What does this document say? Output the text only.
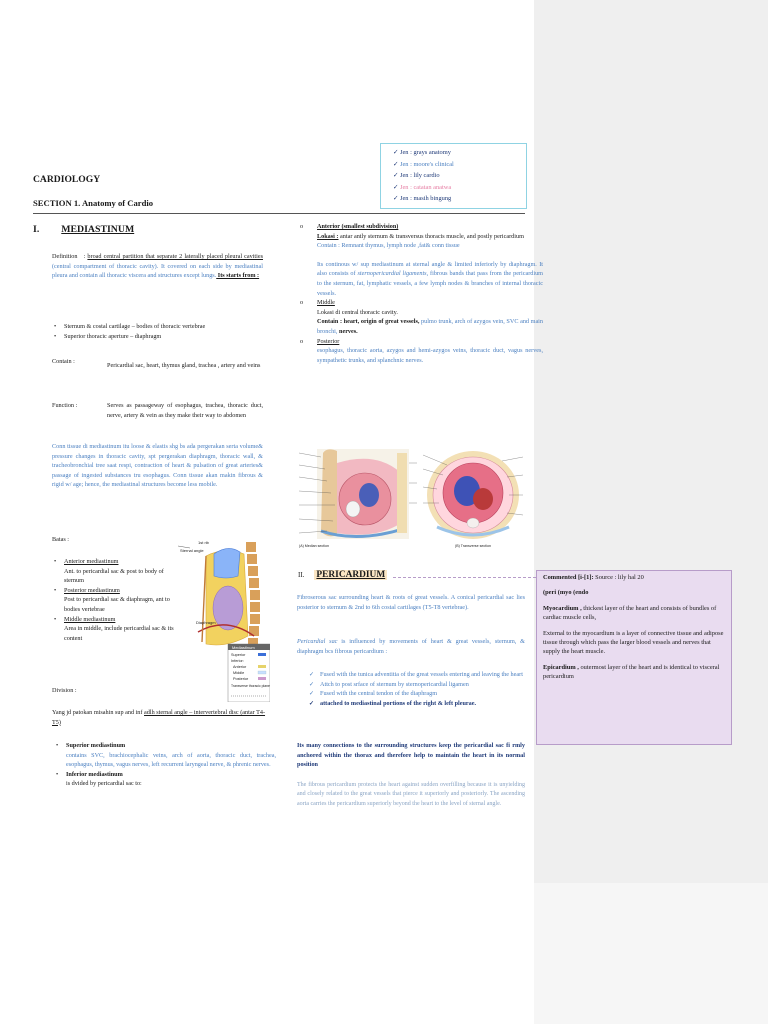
✓ Jen : grays anatomy
✓ Jen : moore's clinical
✓ Jen : lily cardio
✓ Jen : catatan anatwa
✓ Jen : masih bingung
CARDIOLOGY
SECTION 1. Anatomy of Cardio
I. MEDIASTINUM
Definition : broad central partition that separate 2 laterally placed pleural cavities (central compartment of thoracic cavity). It covered on each side by mediastinal pleura and contain all thoracic viscera and structures except lungs. Its starts from :
• Sternum & costal cartilage – bodies of thoracic vertebrae
• Superior thoracic aperture – diaphragm
Contain :
Pericardial sac, heart, thymus gland, trachea , artery and veins
Function :	Serves as passageway of esophagus, trachea, thoracic duct, nerve, artery & vein as they make their way to abdomen
Conn tissue di mediastinum itu loose & elastis shg bs ada pergerakan serta volume& pressure changes in thoracic cavity, spt pergerakan diaphragm, thoracic wall, & tracheobronchial tree saat respi, contraction of heart & pulsation of great arteries& passage of ingested substances tru esophagus. Conn tissue akan makin fibrous & rigid w/ age; hence, the mediastinal structures become less mobile.
Batas :
• Anterior mediastinum
Ant. to pericardial sac & post to body of sternum
• Posterior mediastinum
Post to pericardial sac & diaphragm, ant to bodies vertebrae
• Middle mediastinum
Area in middle, include pericardial sac & its content
1st rib
Sternal angle
Diaphragm
Mediastinum
Superior
Inferior:
Anterior
Middle
Posterior
Transverse thoracic plane
Division :
Yang jd patokan misahin sup and inf adlh sternal angle – intervertebral disc (antar T4-T5)
• Superior mediastinum

contains SVC, brachiocephalic veins, arch of aorta, thoracic duct, trachea, esophagus, thymus, vagus nerves, left recurrent laryngeal nerve, & phrenic nerves.
• Inferior mediastinum
is dvided by pericardial sac to:
o Anterior (smallest subdivision)
Lokasi : antar antly sternum & transversus thoracis muscle, and postly pericardium
Contain : Remnant thymus, lymph node ,fat& conn tissue
Its continous w/ sup mediastinum at sternal angle & limited inferiorly by diaphragm. It also consists of sternopericardial ligaments, fibrous bands that pass from the pericardium to the sternum, fat, lymphatic vessels, a few lymph nodes & branches of internal thoracic vessels.
o Middle
Lokasi di central thoracic cavity.
Contain : heart, origin of great vessels, pulmo trunk, arch of azygos vein, SVC and main bronchi, nerves.
o Posterior
esophagus, thoracic aorta, azygos and hemi-azygos veins, thoracic duct, vagus nerves, sympathetic trunks, and splanchnic nerves.
(A) Median section	(B) Transverse section
II. PERICARDIUM
Fibroserous sac surrounding heart & roots of great vessels. A conical pericardial sac lies posterior to sternum & 2nd to 6th costal cartilages (T5-T8 vertebrae).
Pericardial sac is influenced by movements of heart & great vessels, sternum, & diaphragm bcs fibrous pericardium :
✓ Fused with the tunica adventitia of the great vessels entering and leaving the heart
✓ Attch to post srface of sternum by sternopericardial ligamen
✓ Fused with the central tendon of the diaphragm
✓ attached to mediastinal portions of the right & left pleurae.
Its many connections to the surrounding structures keep the pericardial sac fi rmly anchored within the thorax and therefore help to maintain the heart in its normal position
The fibrous pericardium protects the heart against sudden overfilling because it is unyielding and closely related to the great vessels that pierce it superiorly and posteriorly. The ascending aorta carries the pericardium superiorly beyond the heart to the level of sternal angle.

Commented [i-[1]: Source : lily hal 20

(peri (myo (endo

Myocardium , thickest layer of the heart and consists of bundles of cardiac muscle cells,

External to the myocardium is a layer of connective tissue and adipose tissue through which pass the larger blood vessels and nerves that supply the heart muscle.

Epicardium , outermost layer of the heart and is identical to visceral pericardium
